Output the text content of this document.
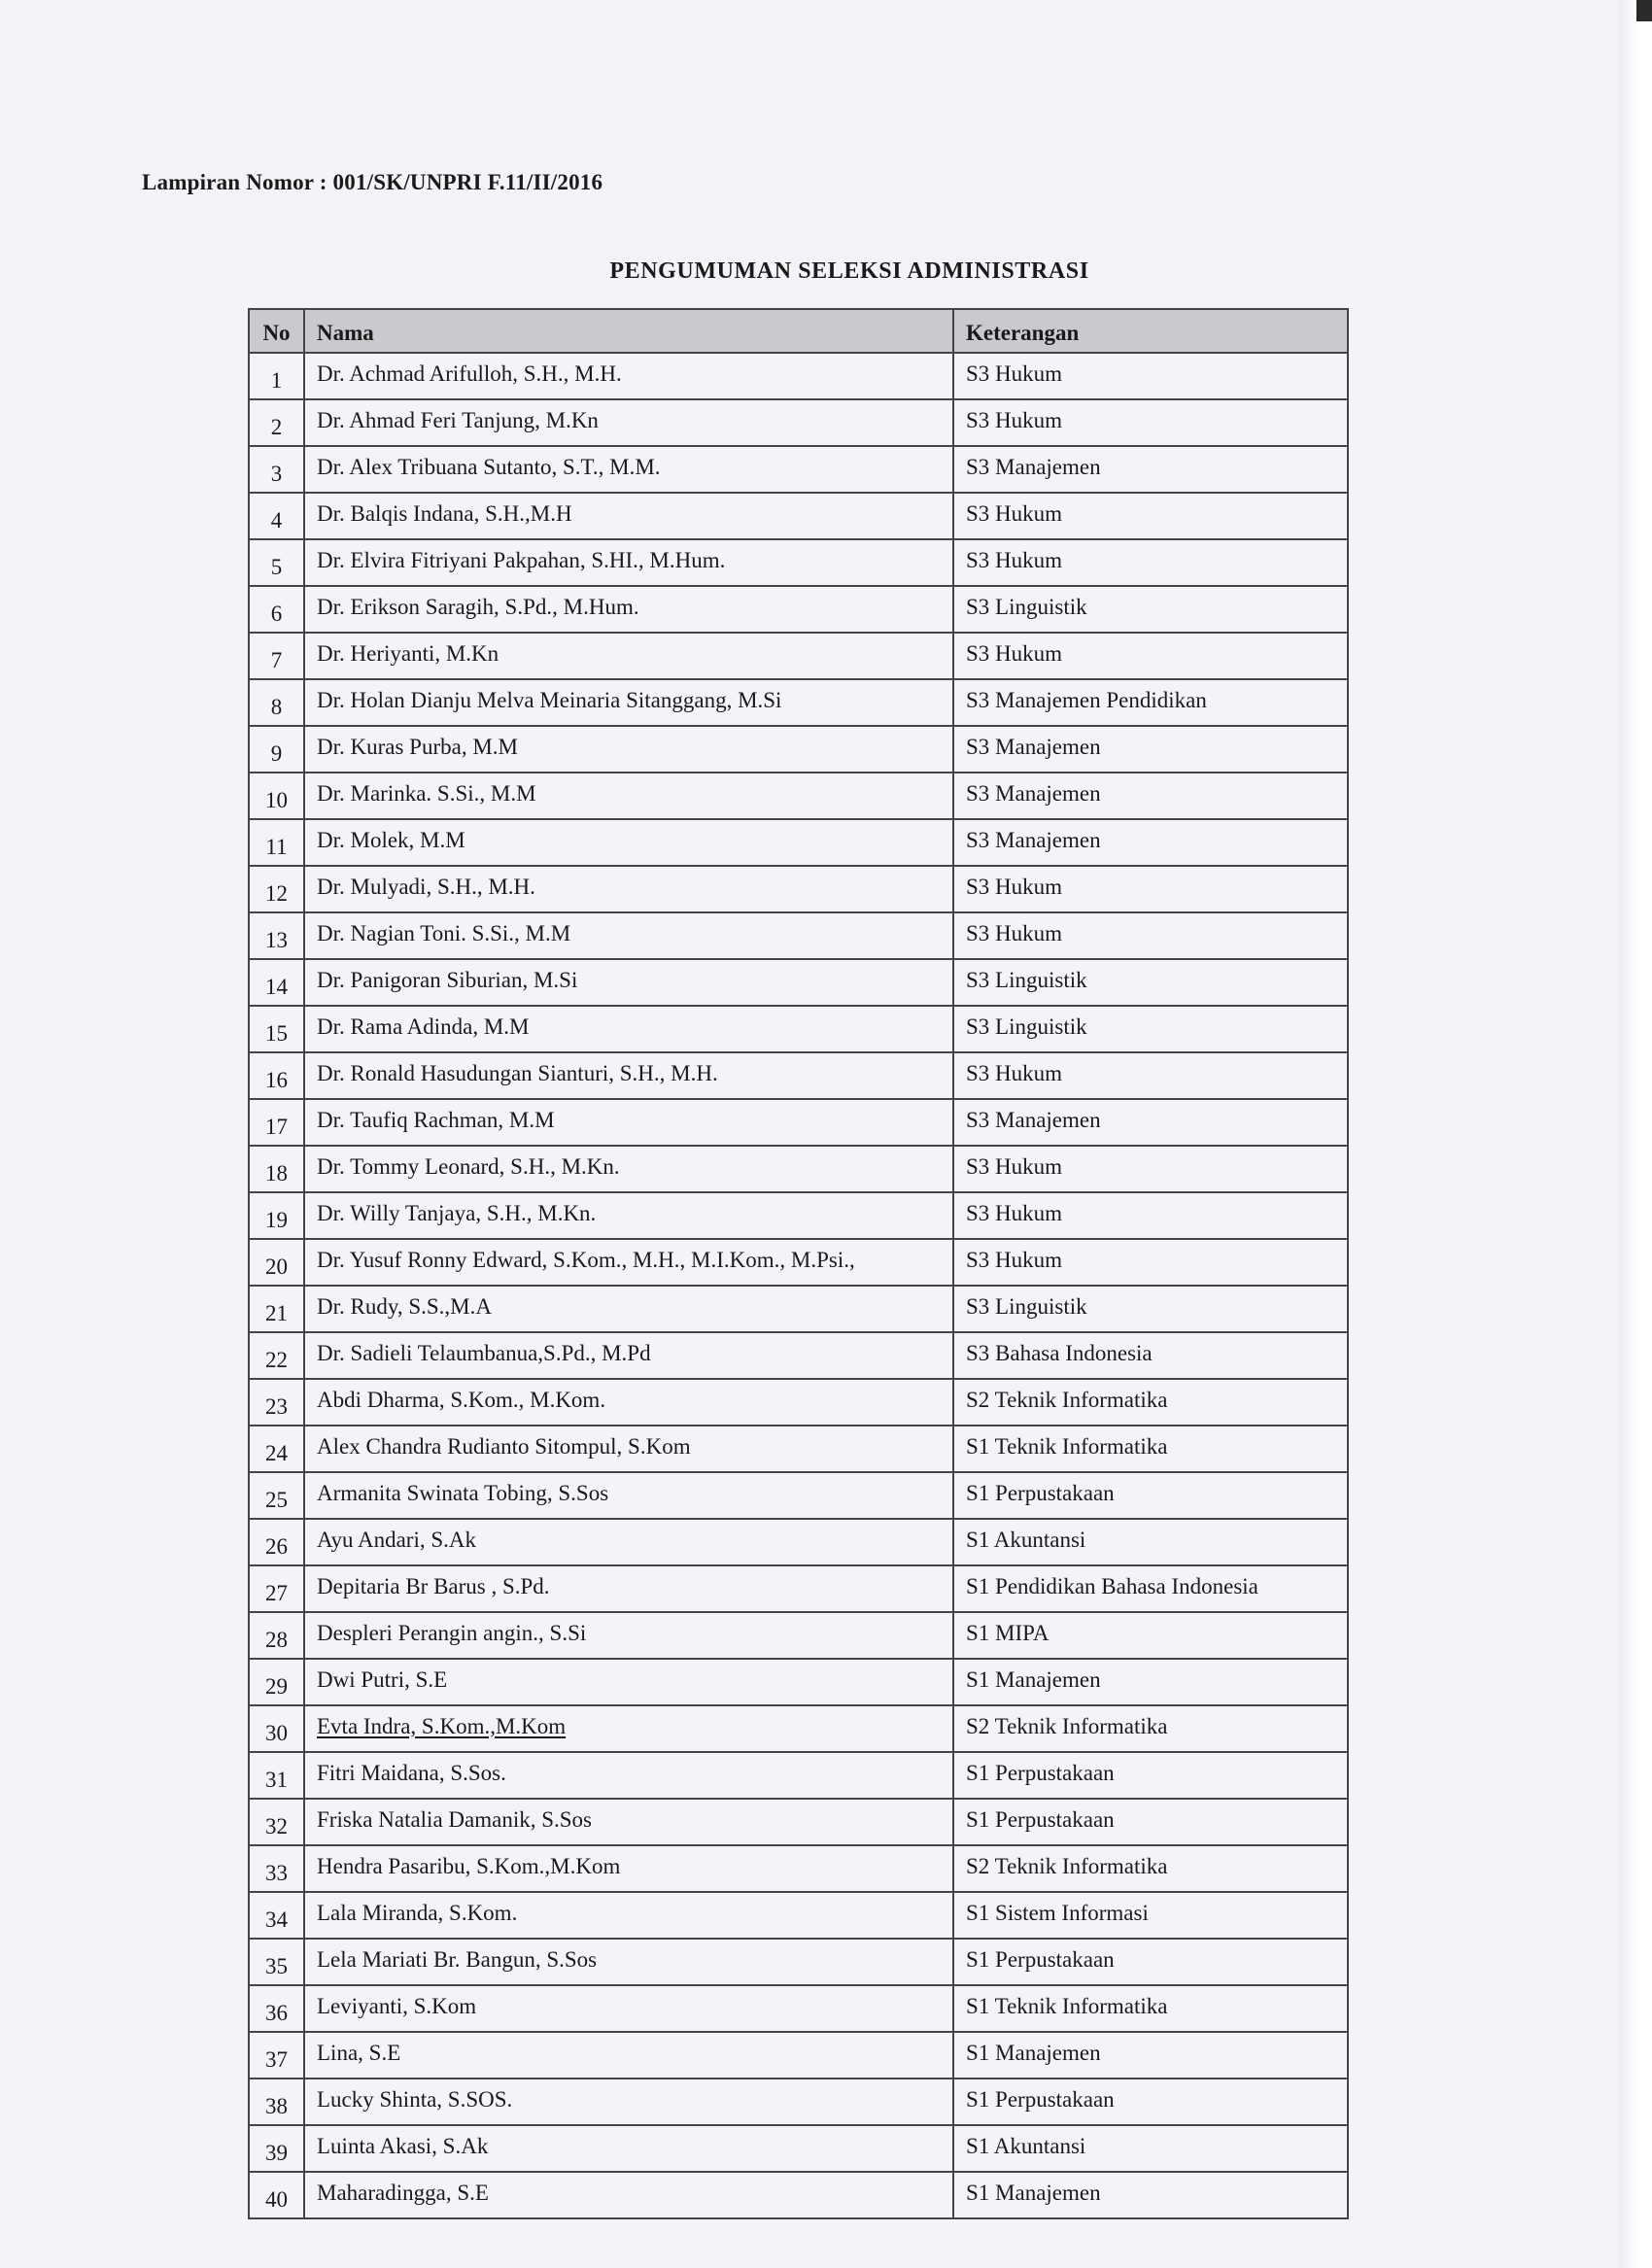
Lampiran Nomor : 001/SK/UNPRI F.11/II/2016
PENGUMUMAN SELEKSI ADMINISTRASI
No	Nama	Keterangan
1	Dr. Achmad Arifulloh, S.H., M.H.	S3 Hukum
2	Dr. Ahmad Feri Tanjung, M.Kn	S3 Hukum
3	Dr. Alex Tribuana Sutanto, S.T., M.M.	S3 Manajemen
4	Dr. Balqis Indana, S.H.,M.H	S3 Hukum
5	Dr. Elvira Fitriyani Pakpahan, S.HI., M.Hum.	S3 Hukum
6	Dr. Erikson Saragih, S.Pd., M.Hum.	S3 Linguistik
7	Dr. Heriyanti, M.Kn	S3 Hukum
8	Dr. Holan Dianju Melva Meinaria Sitanggang, M.Si	S3 Manajemen Pendidikan
9	Dr. Kuras Purba, M.M	S3 Manajemen
10	Dr. Marinka. S.Si., M.M	S3 Manajemen
11	Dr. Molek, M.M	S3 Manajemen
12	Dr. Mulyadi, S.H., M.H.	S3 Hukum
13	Dr. Nagian Toni. S.Si., M.M	S3 Hukum
14	Dr. Panigoran Siburian, M.Si	S3 Linguistik
15	Dr. Rama Adinda, M.M	S3 Linguistik
16	Dr. Ronald Hasudungan Sianturi, S.H., M.H.	S3 Hukum
17	Dr. Taufiq Rachman, M.M	S3 Manajemen
18	Dr. Tommy Leonard, S.H., M.Kn.	S3 Hukum
19	Dr. Willy Tanjaya, S.H., M.Kn.	S3 Hukum
20	Dr. Yusuf Ronny Edward, S.Kom., M.H., M.I.Kom., M.Psi.,	S3 Hukum
21	Dr. Rudy, S.S.,M.A	S3 Linguistik
22	Dr. Sadieli Telaumbanua,S.Pd., M.Pd	S3 Bahasa Indonesia
23	Abdi Dharma, S.Kom., M.Kom.	S2 Teknik Informatika
24	Alex Chandra Rudianto Sitompul, S.Kom	S1 Teknik Informatika
25	Armanita Swinata Tobing, S.Sos	S1 Perpustakaan
26	Ayu Andari, S.Ak	S1 Akuntansi
27	Depitaria Br Barus , S.Pd.	S1 Pendidikan Bahasa Indonesia
28	Despleri Perangin angin., S.Si	S1 MIPA
29	Dwi Putri, S.E	S1 Manajemen
30	Evta Indra, S.Kom.,M.Kom	S2 Teknik Informatika
31	Fitri Maidana, S.Sos.	S1 Perpustakaan
32	Friska Natalia Damanik, S.Sos	S1 Perpustakaan
33	Hendra Pasaribu, S.Kom.,M.Kom	S2 Teknik Informatika
34	Lala Miranda, S.Kom.	S1 Sistem Informasi
35	Lela Mariati Br. Bangun, S.Sos	S1 Perpustakaan
36	Leviyanti, S.Kom	S1 Teknik Informatika
37	Lina, S.E	S1 Manajemen
38	Lucky Shinta, S.SOS.	S1 Perpustakaan
39	Luinta Akasi, S.Ak	S1 Akuntansi
40	Maharadingga, S.E	S1 Manajemen
